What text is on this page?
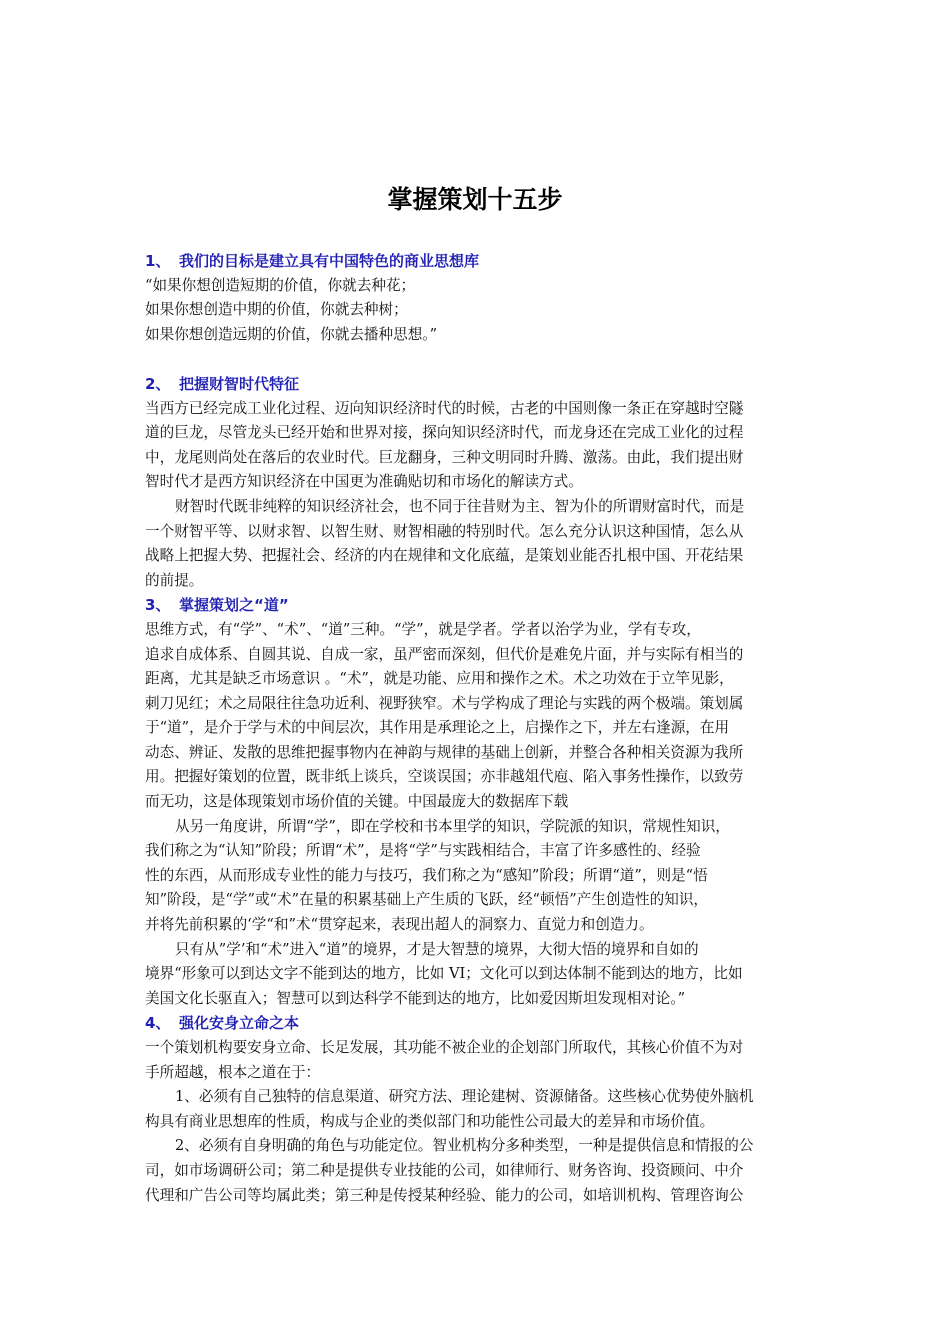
掌握策划十五步
1、 我们的目标是建立具有中国特色的商业思想库
“如果你想创造短期的价值，你就去种花；
如果你想创造中期的价值，你就去种树；
如果你想创造远期的价值，你就去播种思想。”
2、 把握财智时代特征
当西方已经完成工业化过程、迈向知识经济时代的时候，古老的中国则像一条正在穿越时空隧
道的巨龙，尽管龙头已经开始和世界对接，探向知识经济时代，而龙身还在完成工业化的过程
中，龙尾则尚处在落后的农业时代。巨龙翻身，三种文明同时升腾、激荡。由此，我们提出财
智时代才是西方知识经济在中国更为准确贴切和市场化的解读方式。
财智时代既非纯粹的知识经济社会，也不同于往昔财为主、智为仆的所谓财富时代，而是
一个财智平等、以财求智、以智生财、财智相融的特别时代。怎么充分认识这种国情，怎么从
战略上把握大势、把握社会、经济的内在规律和文化底蕴，是策划业能否扎根中国、开花结果
的前提。
3、 掌握策划之“道”
思维方式，有“学”、“术”、“道”三种。“学”，就是学者。学者以治学为业，学有专攻，
追求自成体系、自圆其说、自成一家，虽严密而深刻，但代价是难免片面，并与实际有相当的
距离，尤其是缺乏市场意识 。“术”，就是功能、应用和操作之术。术之功效在于立竿见影，
刺刀见红；术之局限往往急功近利、视野狭窄。术与学构成了理论与实践的两个极端。策划属
于“道”，是介于学与术的中间层次，其作用是承理论之上，启操作之下，并左右逢源，在用
动态、辨证、发散的思维把握事物内在神韵与规律的基础上创新，并整合各种相关资源为我所
用。把握好策划的位置，既非纸上谈兵，空谈误国；亦非越俎代庖、陷入事务性操作，以致劳
而无功，这是体现策划市场价值的关键。中国最庞大的数据库下载
从另一角度讲，所谓“学”，即在学校和书本里学的知识，学院派的知识，常规性知识，
我们称之为“认知”阶段；所谓“术”，是将“学”与实践相结合，丰富了许多感性的、经验
性的东西，从而形成专业性的能力与技巧，我们称之为“感知”阶段；所谓“道”，则是“悟
知”阶段，是“学”或“术”在量的积累基础上产生质的飞跃，经“顿悟”产生创造性的知识，
并将先前积累的‘学“和”术“贯穿起来，表现出超人的洞察力、直觉力和创造力。
只有从”学’和“术”进入“道”的境界，才是大智慧的境界，大彻大悟的境界和自如的
境界“形象可以到达文字不能到达的地方，比如 VI；文化可以到达体制不能到达的地方，比如
美国文化长驱直入；智慧可以到达科学不能到达的地方，比如爱因斯坦发现相对论。”
4、 强化安身立命之本
一个策划机构要安身立命、长足发展，其功能不被企业的企划部门所取代，其核心价值不为对
手所超越，根本之道在于：
1、必须有自己独特的信息渠道、研究方法、理论建树、资源储备。这些核心优势使外脑机
构具有商业思想库的性质，构成与企业的类似部门和功能性公司最大的差异和市场价值。
2、必须有自身明确的角色与功能定位。智业机构分多种类型，一种是提供信息和情报的公
司，如市场调研公司；第二种是提供专业技能的公司，如律师行、财务咨询、投资顾问、中介
代理和广告公司等均属此类；第三种是传授某种经验、能力的公司，如培训机构、管理咨询公
